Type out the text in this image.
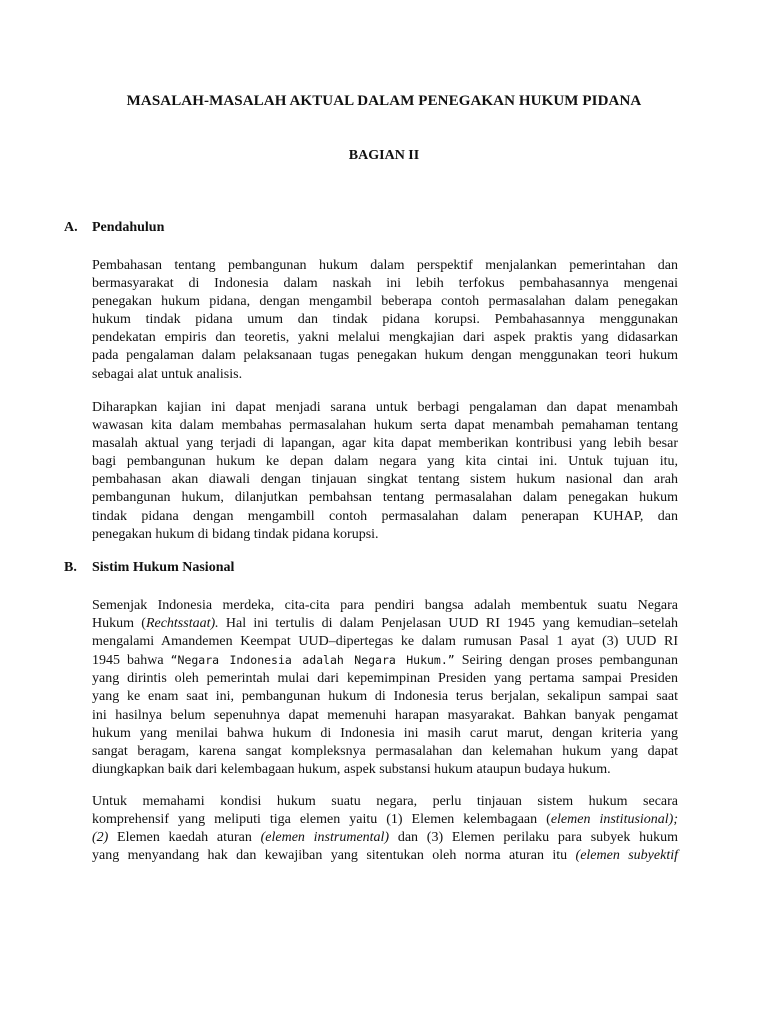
MASALAH-MASALAH AKTUAL DALAM PENEGAKAN HUKUM PIDANA
BAGIAN II
A. Pendahulun
Pembahasan tentang pembangunan hukum dalam perspektif menjalankan pemerintahan dan
bermasyarakat di Indonesia dalam naskah ini lebih terfokus pembahasannya mengenai
penegakan hukum pidana, dengan mengambil beberapa contoh permasalahan dalam penegakan
hukum tindak pidana umum dan tindak pidana korupsi. Pembahasannya menggunakan
pendekatan empiris dan teoretis, yakni melalui mengkajian dari aspek praktis yang didasarkan
pada pengalaman dalam pelaksanaan tugas penegakan hukum dengan menggunakan teori hukum
sebagai alat untuk analisis.
Diharapkan kajian ini dapat menjadi sarana untuk berbagi pengalaman dan dapat menambah
wawasan kita dalam membahas permasalahan hukum serta dapat menambah pemahaman tentang
masalah aktual yang terjadi di lapangan, agar kita dapat memberikan kontribusi yang lebih besar
bagi pembangunan hukum ke depan dalam negara yang kita cintai ini. Untuk tujuan itu,
pembahasan akan diawali dengan tinjauan singkat tentang sistem hukum nasional dan arah
pembangunan hukum, dilanjutkan pembahsan tentang permasalahan dalam penegakan hukum
tindak pidana dengan mengambill contoh permasalahan dalam penerapan KUHAP, dan
penegakan hukum di bidang tindak pidana korupsi.
B. Sistim Hukum Nasional
Semenjak Indonesia merdeka, cita-cita para pendiri bangsa adalah membentuk suatu Negara
Hukum (Rechtsstaat). Hal ini tertulis di dalam Penjelasan UUD RI 1945 yang kemudian–setelah
mengalami Amandemen Keempat UUD–dipertegas ke dalam rumusan Pasal 1 ayat (3) UUD RI
1945 bahwa “Negara Indonesia adalah Negara Hukum.” Seiring dengan proses pembangunan
yang dirintis oleh pemerintah mulai dari kepemimpinan Presiden yang pertama sampai Presiden
yang ke enam saat ini, pembangunan hukum di Indonesia terus berjalan, sekalipun sampai saat
ini hasilnya belum sepenuhnya dapat memenuhi harapan masyarakat. Bahkan banyak pengamat
hukum yang menilai bahwa hukum di Indonesia ini masih carut marut, dengan kriteria yang
sangat beragam, karena sangat kompleksnya permasalahan dan kelemahan hukum yang dapat
diungkapkan baik dari kelembagaan hukum, aspek substansi hukum ataupun budaya hukum.
Untuk memahami kondisi hukum suatu negara, perlu tinjauan sistem hukum secara
komprehensif yang meliputi tiga elemen yaitu (1) Elemen kelembagaan (elemen institusional);
(2) Elemen kaedah aturan (elemen instrumental) dan (3) Elemen perilaku para subyek hukum
yang menyandang hak dan kewajiban yang sitentukan oleh norma aturan itu (elemen subyektif
